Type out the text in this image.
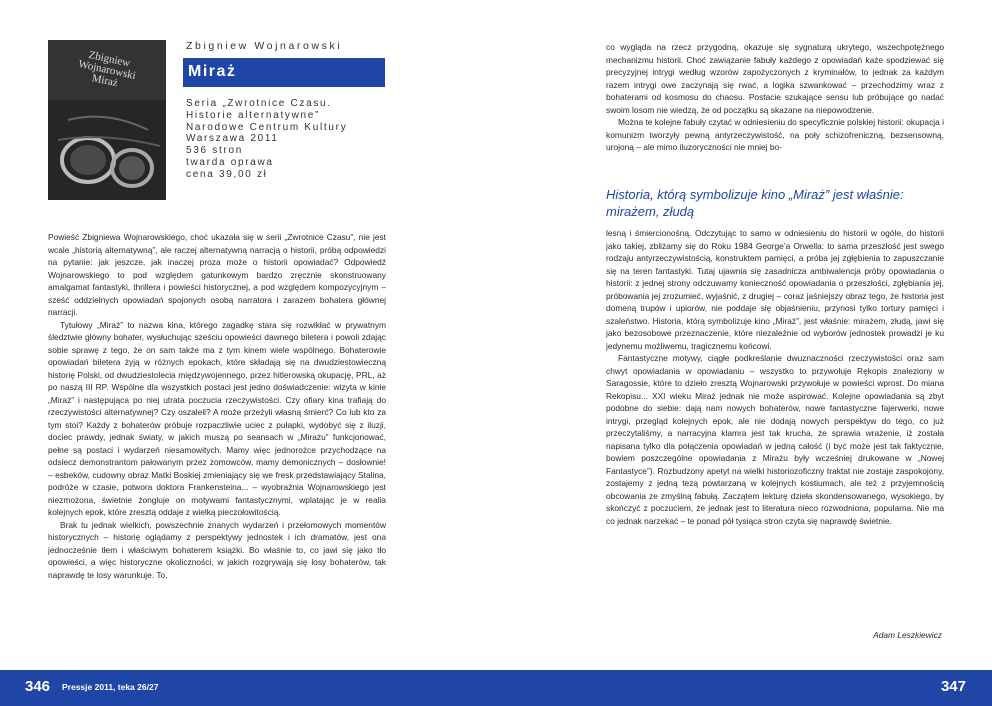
Zbigniew
Wojnarowski
Miraż
Zbigniew Wojnarowski
Miraż
Seria „Zwrotnice Czasu.
Historie alternatywne”
Narodowe Centrum Kultury
Warszawa 2011
536 stron
twarda oprawa
cena 39,00 zł

Powieść Zbigniewa Wojnarowskiego, choć ukazała się w serii „Zwrotnice Czasu”, nie jest wcale „historią alternatywną”, ale raczej alternatywną narracją o historii, próbą odpowiedzi na pytanie: jak jeszcze, jak inaczej proza może o historii opowiadać? Odpowiedź Wojnarowskiego to pod względem gatunkowym bardzo zręcznie skonstruowany amalgamat fantastyki, thrillera i powieści historycznej, a pod względem kompozycyjnym – sześć oddzielnych opowiadań spojonych osobą narratora i zarazem bohatera głównej narracji.

Tytułowy „Miraż” to nazwa kina, którego zagadkę stara się rozwikłać w prywatnym śledztwie główny bohater, wysłuchując sześciu opowieści dawnego biletera i powoli zdając sobie sprawę z tego, że on sam także ma z tym kinem wiele wspólnego. Bohaterowie opowiadań biletera żyją w różnych epokach, które składają się na dwudziestowieczną historię Polski, od dwudziestolecia międzywojennego, przez hitlerowską okupację, PRL, aż po naszą III RP. Wspólne dla wszystkich postaci jest jedno doświadczenie: wizyta w kinie „Miraż” i następująca po niej utrata poczucia rzeczywistości. Czy ofiary kina trafiają do rzeczywistości alternatywnej? Czy oszaleli? A może przeżyli własną śmierć? Co lub kto za tym stoi? Każdy z bohaterów próbuje rozpaczliwie uciec z pułapki, wydobyć się z iluzji, dociec prawdy, jednak światy, w jakich muszą po seansach w „Mirażu” funkcjonować, pełne są postaci i wydarzeń niesamowitych. Mamy więc jednorożce przychodzące na odsiecz demonstrantom pałowanym przez zomowców, mamy demonicznych – dosłownie! – esbeków, cudowny obraz Matki Boskiej zmieniający się we fresk przedstawiający Stalina, podróże w czasie, potwora doktora Frankensteina... – wyobraźnia Wojnarowskiego jest niezmożona, świetnie żongluje on motywami fantastycznymi, wplatając je w realia kolejnych epok, które zresztą oddaje z wielką pieczołowitością.

Brak tu jednak wielkich, powszechnie znanych wydarzeń i przełomowych momentów historycznych – historię oglądamy z perspektywy jednostek i ich dramatów, jest ona jednocześnie tłem i właściwym bohaterem książki. Bo właśnie to, co jawi się jako tło opowieści, a więc historyczne okoliczności, w jakich rozgrywają się losy bohaterów, tak naprawdę te losy warunkuje. To,

co wygląda na rzecz przygodną, okazuje się sygnaturą ukrytego, wszechpotężnego mechanizmu historii. Choć zawiązanie fabuły każdego z opowiadań każe spodziewać się precyzyjnej intrygi według wzorów zapożyczonych z kryminałów, to jednak za każdym razem intrygi owe zaczynają się rwać, a logika szwankować – przechodzimy wraz z bohaterami od kosmosu do chaosu. Postacie szukające sensu lub próbujące go nadać swoim losom nie wiedzą, że od początku są skazane na niepowodzenie.

Można te kolejne fabuły czytać w odniesieniu do specyficznie polskiej historii: okupacja i komunizm tworzyły pewną antyrzeczywistość, na poły schizofreniczną, bezsensowną, urojoną – ale mimo iluzoryczności nie mniej bo-

Historia, którą symbolizuje kino „Miraż” jest właśnie: mirażem, złudą

lesną i śmiercionośną. Odczytując to samo w odniesieniu do historii w ogóle, do historii jako takiej, zbliżamy się do Roku 1984 George’a Orwella: to sama przeszłość jest swego rodzaju antyrzeczywistością, konstruktem pamięci, a próba jej zgłębienia to zapuszczanie się na teren fantastyki. Tutaj ujawnia się zasadnicza ambiwalencja próby opowiadania o historii: z jednej strony odczuwamy konieczność opowiadania o przeszłości, zgłębiania jej, próbowania jej zrozumieć, wyjaśnić, z drugiej – coraz jaśniejszy obraz tego, że historia jest domeną trupów i upiorów, nie poddaje się objaśnieniu, przynosi tylko tortury pamięci i szaleństwo. Historia, którą symbolizuje kino „Miraż”, jest właśnie: mirażem, złudą, jawi się jako bezosobowe przeznaczenie, które niezależnie od wyborów jednostek prowadzi je ku jedynemu możliwemu, tragicznemu końcowi.

Fantastyczne motywy, ciągłe podkreślanie dwuznaczności rzeczywistości oraz sam chwyt opowiadania w opowiadaniu – wszystko to przywołuje Rękopis znaleziony w Saragossie, które to dzieło zresztą Wojnarowski przywołuje w powieści wprost. Do miana Rekopisu... XXI wieku Miraż jednak nie może aspirować. Kolejne opowiadania są zbyt podobne do siebie: dają nam nowych bohaterów, nowe fantastyczne fajerwerki, nowe intrygi, przegląd kolejnych epok, ale nie dodają nowych perspektyw do tego, co już przeczytaliśmy, a narracyjna klamra jest tak krucha, że sprawia wrażenie, iż została napisana tylko dla połączenia opowiadań w jedną całość (i być może jest tak faktycznie, bowiem poszczególne opowiadania z Mirażu były wcześniej drukowane w „Nowej Fantastyce”). Rozbudzony apetyt na wielki historiozoficzny traktat nie zostaje zaspokojony, zostajemy z jedną tezą powtarzaną w kolejnych kostiumach, ale też z przyjemnością obcowania ze zmyślną fabułą. Zaczątem lekturę dzieła skondensowanego, wysokiego, by skończyć z poczuciem, że jednak jest to literatura nieco rozwodniona, popularna. Nie ma co jednak narzekać – te ponad pół tysiąca stron czyta się naprawdę świetnie.

Adam Leszkiewicz
346 Pressje 2011, teka 26/27	347
